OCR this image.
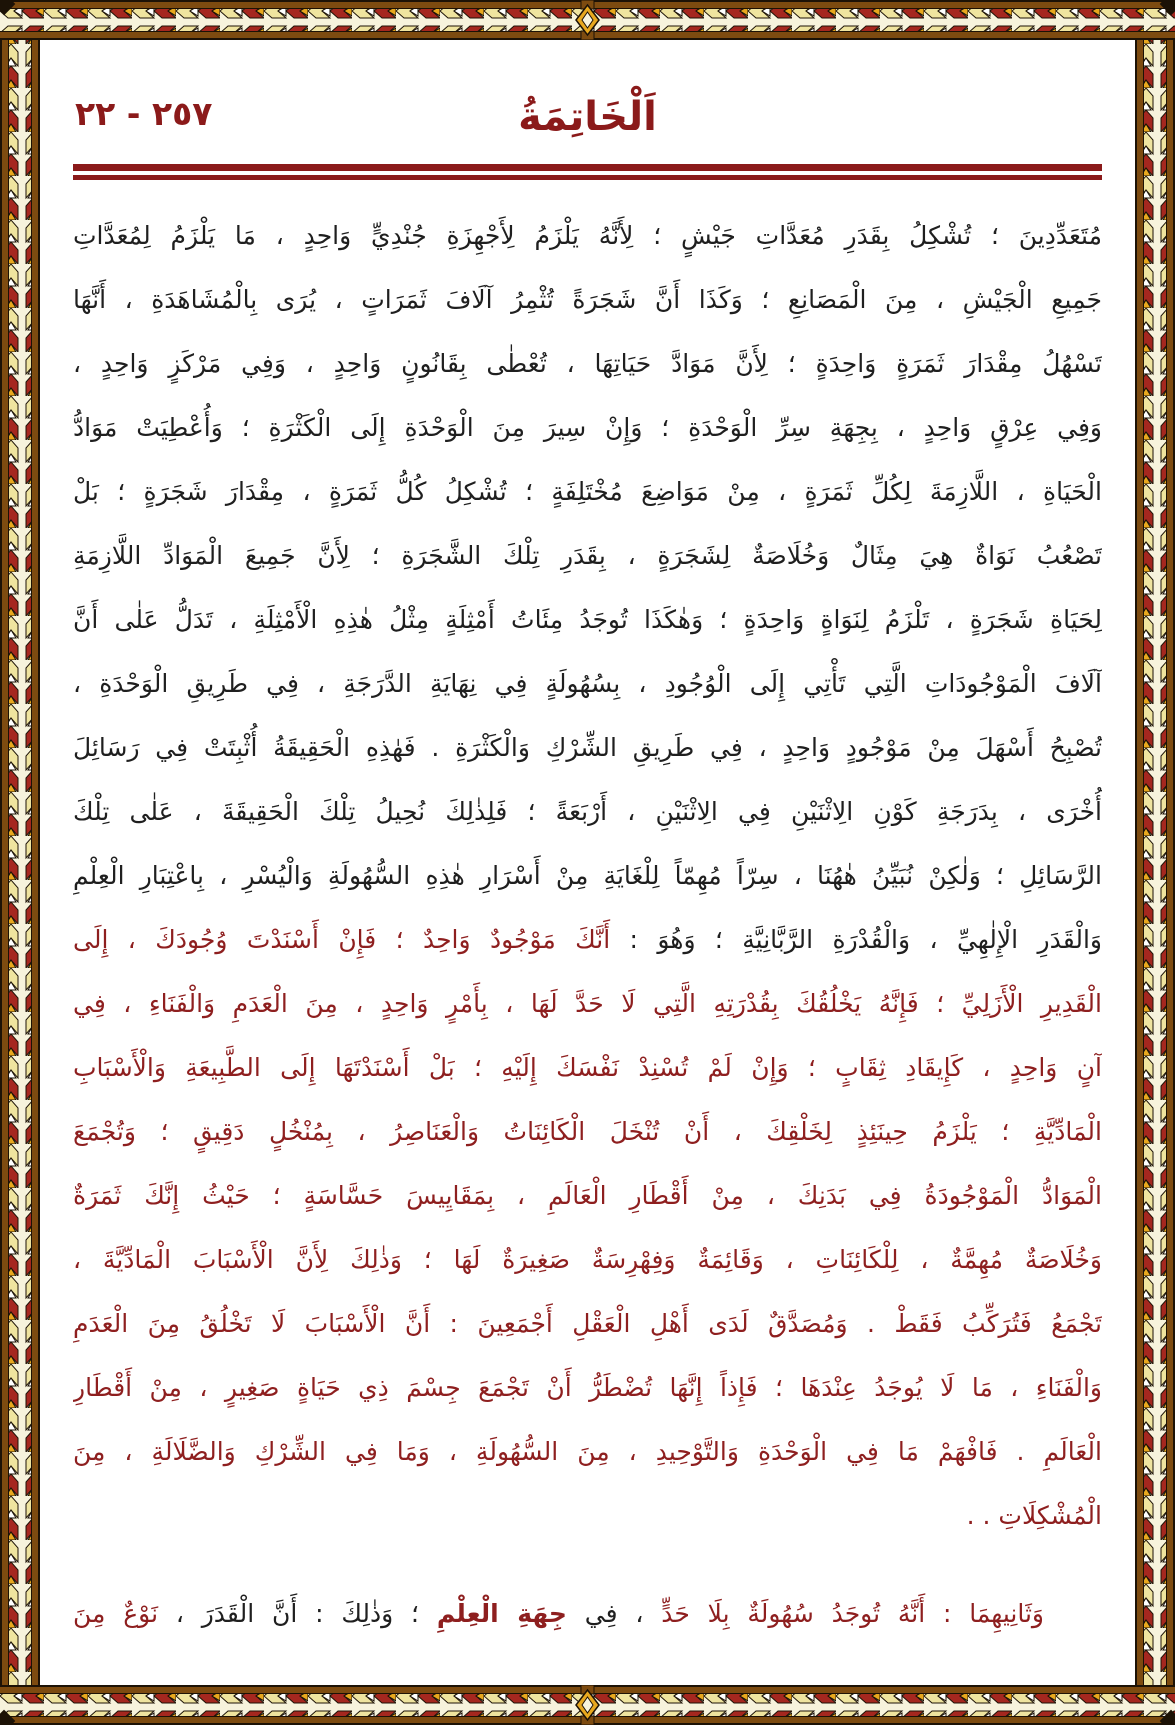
٢٥٧ - ٢٢	اَلْخَاتِمَةُ
مُتَعَدِّدِينَ ؛ تُشْكِلُ بِقَدَرِ مُعَدَّاتِ جَيْشٍ ؛ لِأَنَّهُ يَلْزَمُ لِأَجْهِزَةِ جُنْدِيٍّ وَاحِدٍ ، مَا يَلْزَمُ لِمُعَدَّاتِ
جَمِيعِ الْجَيْشِ ، مِنَ الْمَصَانِعِ ؛ وَكَذَا أَنَّ شَجَرَةً تُثْمِرُ آلَافَ ثَمَرَاتٍ ، يُرَى بِالْمُشَاهَدَةِ ، أَنَّهَا
تَسْهُلُ مِقْدَارَ ثَمَرَةٍ وَاحِدَةٍ ؛ لِأَنَّ مَوَادَّ حَيَاتِهَا ، تُعْطٰى بِقَانُونٍ وَاحِدٍ ، وَفِي مَرْكَزٍ وَاحِدٍ ،
وَفِي عِرْقٍ وَاحِدٍ ، بِجِهَةِ سِرِّ الْوَحْدَةِ ؛ وَإِنْ سِيرَ مِنَ الْوَحْدَةِ إِلَى الْكَثْرَةِ ؛ وَأُعْطِيَتْ مَوَادُّ
الْحَيَاةِ ، اللَّازِمَةَ لِكُلِّ ثَمَرَةٍ ، مِنْ مَوَاضِعَ مُخْتَلِفَةٍ ؛ تُشْكِلُ كُلُّ ثَمَرَةٍ ، مِقْدَارَ شَجَرَةٍ ؛ بَلْ
تَصْعُبُ نَوَاةٌ هِيَ مِثَالٌ وَخُلَاصَةٌ لِشَجَرَةٍ ، بِقَدَرِ تِلْكَ الشَّجَرَةِ ؛ لِأَنَّ جَمِيعَ الْمَوَادِّ اللَّازِمَةِ
لِحَيَاةِ شَجَرَةٍ ، تَلْزَمُ لِنَوَاةٍ وَاحِدَةٍ ؛ وَهٰكَذَا تُوجَدُ مِئَاتُ أَمْثِلَةٍ مِثْلُ هٰذِهِ الْأَمْثِلَةِ ، تَدَلُّ عَلٰى أَنَّ
آلَافَ الْمَوْجُودَاتِ الَّتِي تَأْتِي إِلَى الْوُجُودِ ، بِسُهُولَةٍ فِي نِهَايَةِ الدَّرَجَةِ ، فِي طَرِيقِ الْوَحْدَةِ ،
تُصْبِحُ أَسْهَلَ مِنْ مَوْجُودٍ وَاحِدٍ ، فِي طَرِيقِ الشِّرْكِ وَالْكَثْرَةِ . فَهٰذِهِ الْحَقِيقَةُ أُثْبِتَتْ فِي رَسَائِلَ
أُخْرَى ، بِدَرَجَةِ كَوْنِ الِاثْنَيْنِ فِي الِاثْنَيْنِ ، أَرْبَعَةً ؛ فَلِذٰلِكَ نُحِيلُ تِلْكَ الْحَقِيقَةَ ، عَلٰى تِلْكَ
الرَّسَائِلِ ؛ وَلٰكِنْ نُبَيِّنُ هٰهُنَا ، سِرّاً مُهِمّاً لِلْغَايَةِ مِنْ أَسْرَارِ هٰذِهِ السُّهُولَةِ وَالْيُسْرِ ، بِاعْتِبَارِ الْعِلْمِ
وَالْقَدَرِ الْإِلٰهِيِّ ، وَالْقُدْرَةِ الرَّبَّانِيَّةِ ؛ وَهُوَ : أَنَّكَ مَوْجُودٌ وَاحِدٌ ؛ فَإِنْ أَسْنَدْتَ وُجُودَكَ ، إِلَى
الْقَدِيرِ الْأَزَلِيِّ ؛ فَإِنَّهُ يَخْلُقُكَ بِقُدْرَتِهِ الَّتِي لَا حَدَّ لَهَا ، بِأَمْرٍ وَاحِدٍ ، مِنَ الْعَدَمِ وَالْفَنَاءِ ، فِي
آنٍ وَاحِدٍ ، كَإِيقَادِ ثِقَابٍ ؛ وَإِنْ لَمْ تُسْنِدْ نَفْسَكَ إِلَيْهِ ؛ بَلْ أَسْنَدْتَهَا إِلَى الطَّبِيعَةِ وَالْأَسْبَابِ
الْمَادِّيَّةِ ؛ يَلْزَمُ حِينَئِذٍ لِخَلْقِكَ ، أَنْ تُنْخَلَ الْكَائِنَاتُ وَالْعَنَاصِرُ ، بِمُنْخُلٍ دَقِيقٍ ؛ وَتُجْمَعَ
الْمَوَادُّ الْمَوْجُودَةُ فِي بَدَنِكَ ، مِنْ أَقْطَارِ الْعَالَمِ ، بِمَقَايِيسَ حَسَّاسَةٍ ؛ حَيْثُ إِنَّكَ ثَمَرَةٌ
وَخُلَاصَةٌ مُهِمَّةٌ ، لِلْكَائِنَاتِ ، وَقَائِمَةٌ وَفِهْرِسَةٌ صَغِيرَةٌ لَهَا ؛ وَذٰلِكَ لِأَنَّ الْأَسْبَابَ الْمَادِّيَّةَ ،
تَجْمَعُ فَتُرَكِّبُ فَقَطْ . وَمُصَدَّقٌ لَدَى أَهْلِ الْعَقْلِ أَجْمَعِينَ : أَنَّ الْأَسْبَابَ لَا تَخْلُقُ مِنَ الْعَدَمِ
وَالْفَنَاءِ ، مَا لَا يُوجَدُ عِنْدَهَا ؛ فَإِذاً إِنَّهَا تُضْطَرُّ أَنْ تَجْمَعَ جِسْمَ ذِي حَيَاةٍ صَغِيرٍ ، مِنْ أَقْطَارِ
الْعَالَمِ . فَافْهَمْ مَا فِي الْوَحْدَةِ وَالتَّوْحِيدِ ، مِنَ السُّهُولَةِ ، وَمَا فِي الشِّرْكِ وَالضَّلَالَةِ ، مِنَ
الْمُشْكِلَاتِ . .
وَثَانِيهِمَا : أَنَّهُ تُوجَدُ سُهُولَةٌ بِلَا حَدٍّ ، فِي جِهَةِ الْعِلْمِ ؛ وَذٰلِكَ : أَنَّ الْقَدَرَ ، نَوْعٌ مِنَ
